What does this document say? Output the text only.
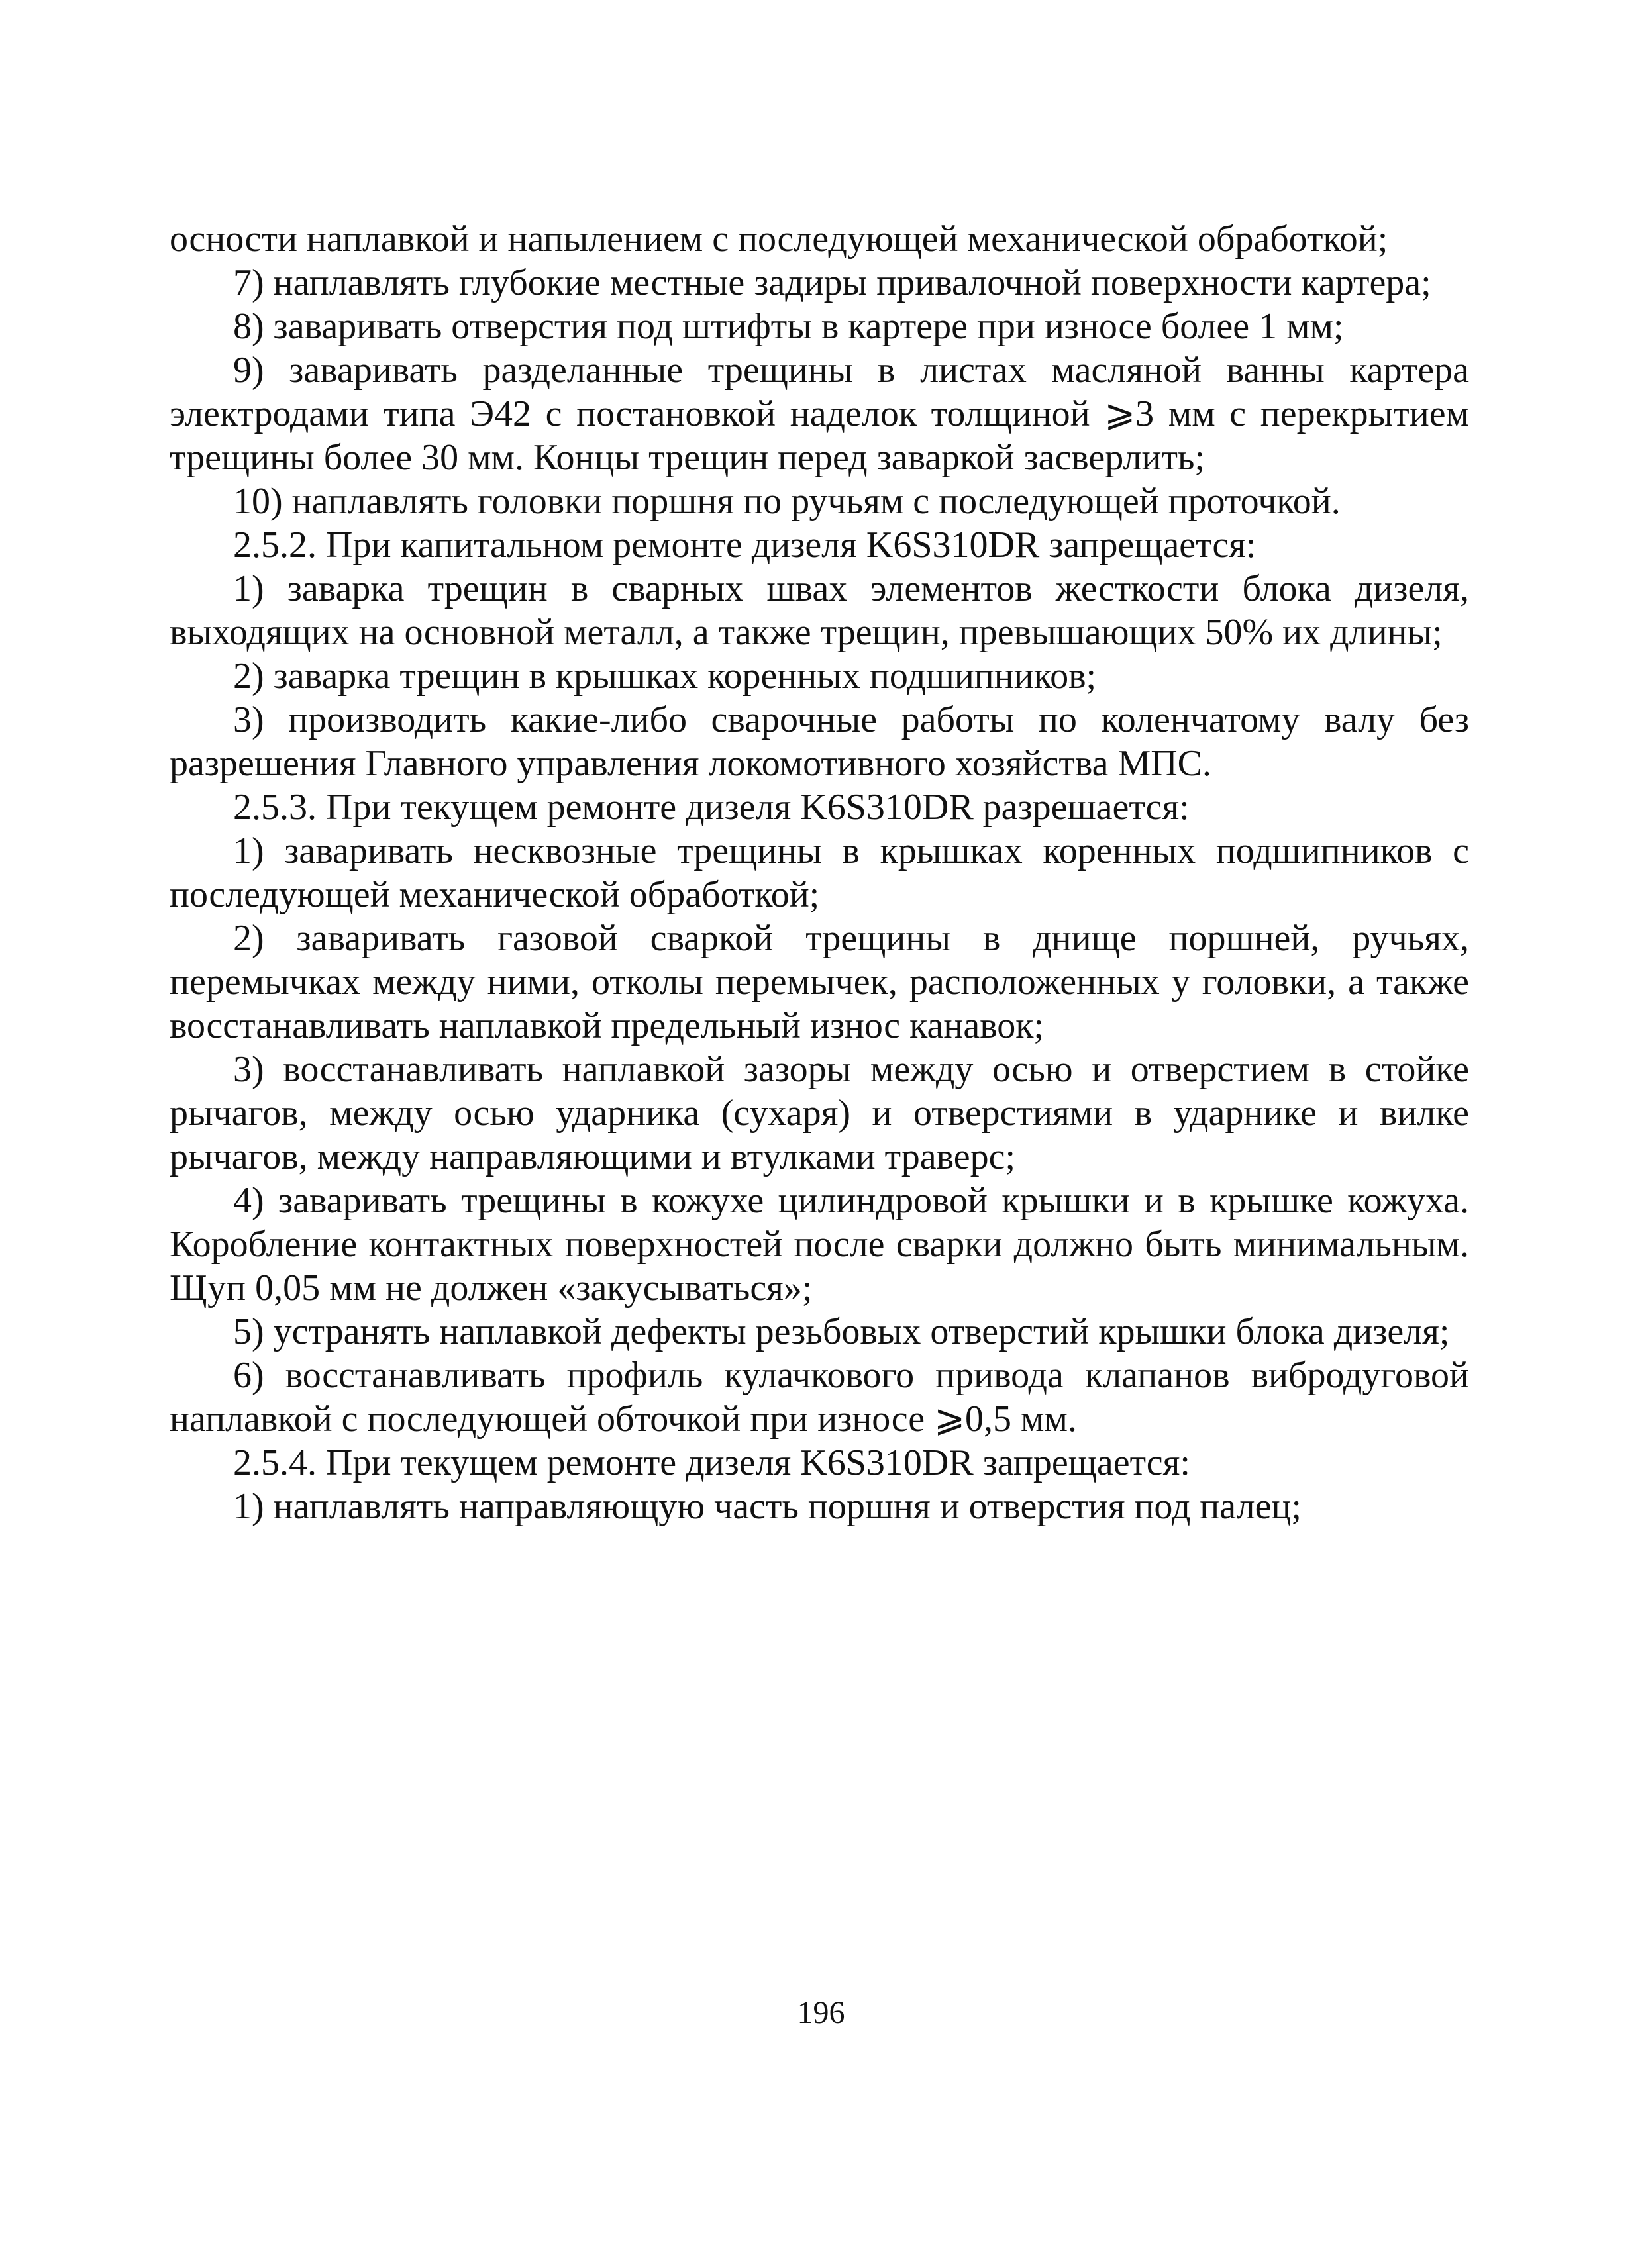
осности наплавкой и напылением с последующей механической обработкой;

7) наплавлять глубокие местные задиры привалочной поверхности картера;

8) заваривать отверстия под штифты в картере при износе более 1 мм;

9) заваривать разделанные трещины в листах масляной ванны картера электродами типа Э42 с постановкой наделок толщиной ⩾3 мм с перекрытием трещины более 30 мм. Концы трещин перед заваркой засверлить;

10) наплавлять головки поршня по ручьям с последующей проточкой.

2.5.2. При капитальном ремонте дизеля K6S310DR запрещается:

1) заварка трещин в сварных швах элементов жесткости блока дизеля, выходящих на основной металл, а также трещин, превышающих 50% их длины;

2) заварка трещин в крышках коренных подшипников;

3) производить какие-либо сварочные работы по коленчатому валу без разрешения Главного управления локомотивного хозяйства МПС.

2.5.3. При текущем ремонте дизеля K6S310DR разрешается:

1) заваривать несквозные трещины в крышках коренных подшипников с последующей механической обработкой;

2) заваривать газовой сваркой трещины в днище поршней, ручьях, перемычках между ними, отколы перемычек, расположенных у головки, а также восстанавливать наплавкой предельный износ канавок;

3) восстанавливать наплавкой зазоры между осью и отверстием в стойке рычагов, между осью ударника (сухаря) и отверстиями в ударнике и вилке рычагов, между направляющими и втулками траверс;

4) заваривать трещины в кожухе цилиндровой крышки и в крышке кожуха. Коробление контактных поверхностей после сварки должно быть минимальным. Щуп 0,05 мм не должен «закусываться»;

5) устранять наплавкой дефекты резьбовых отверстий крышки блока дизеля;

6) восстанавливать профиль кулачкового привода клапанов вибродуговой наплавкой с последующей обточкой при износе ⩾0,5 мм.

2.5.4. При текущем ремонте дизеля K6S310DR запрещается:

1) наплавлять направляющую часть поршня и отверстия под палец;

196
